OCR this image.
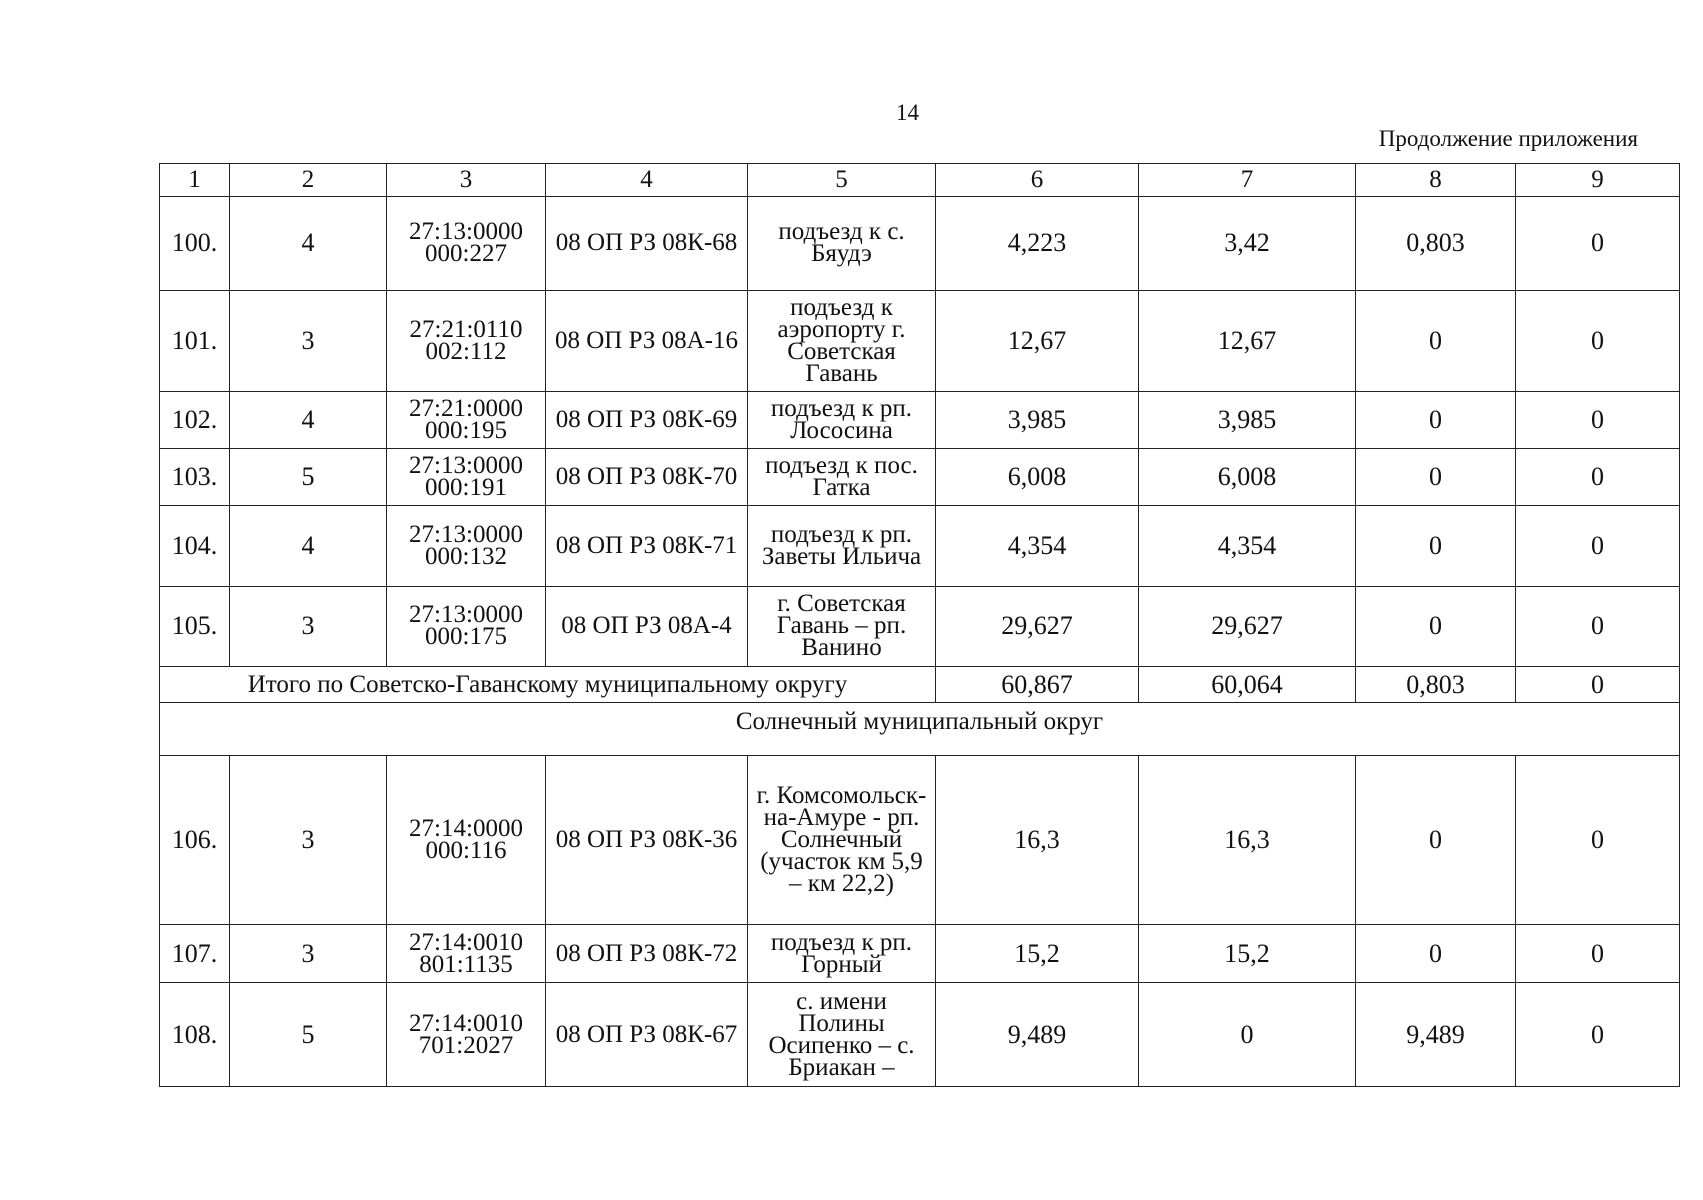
14
Продолжение приложения
1	2	3	4	5	6	7	8	9
100.	4	27:13:0000 000:227	08 ОП РЗ 08К-68	подъезд к с. Бяудэ	4,223	3,42	0,803	0
101.	3	27:21:0110 002:112	08 ОП РЗ 08А-16	подъезд к аэропорту г. Советская Гавань	12,67	12,67	0	0
102.	4	27:21:0000 000:195	08 ОП РЗ 08К-69	подъезд к рп. Лососина	3,985	3,985	0	0
103.	5	27:13:0000 000:191	08 ОП РЗ 08К-70	подъезд к пос. Гатка	6,008	6,008	0	0
104.	4	27:13:0000 000:132	08 ОП РЗ 08К-71	подъезд к рп. Заветы Ильича	4,354	4,354	0	0
105.	3	27:13:0000 000:175	08 ОП РЗ 08А-4	г. Советская Гавань – рп. Ванино	29,627	29,627	0	0
Итого по Советско-Гаванскому муниципальному округу					60,867	60,064	0,803	0
Солнечный муниципальный округ								
106.	3	27:14:0000 000:116	08 ОП РЗ 08К-36	г. Комсомольск-на-Амуре - рп. Солнечный (участок км 5,9 – км 22,2)	16,3	16,3	0	0
107.	3	27:14:0010 801:1135	08 ОП РЗ 08К-72	подъезд к рп. Горный	15,2	15,2	0	0
108.	5	27:14:0010 701:2027	08 ОП РЗ 08К-67	с. имени Полины Осипенко – с. Бриакан –	9,489	0	9,489	0
